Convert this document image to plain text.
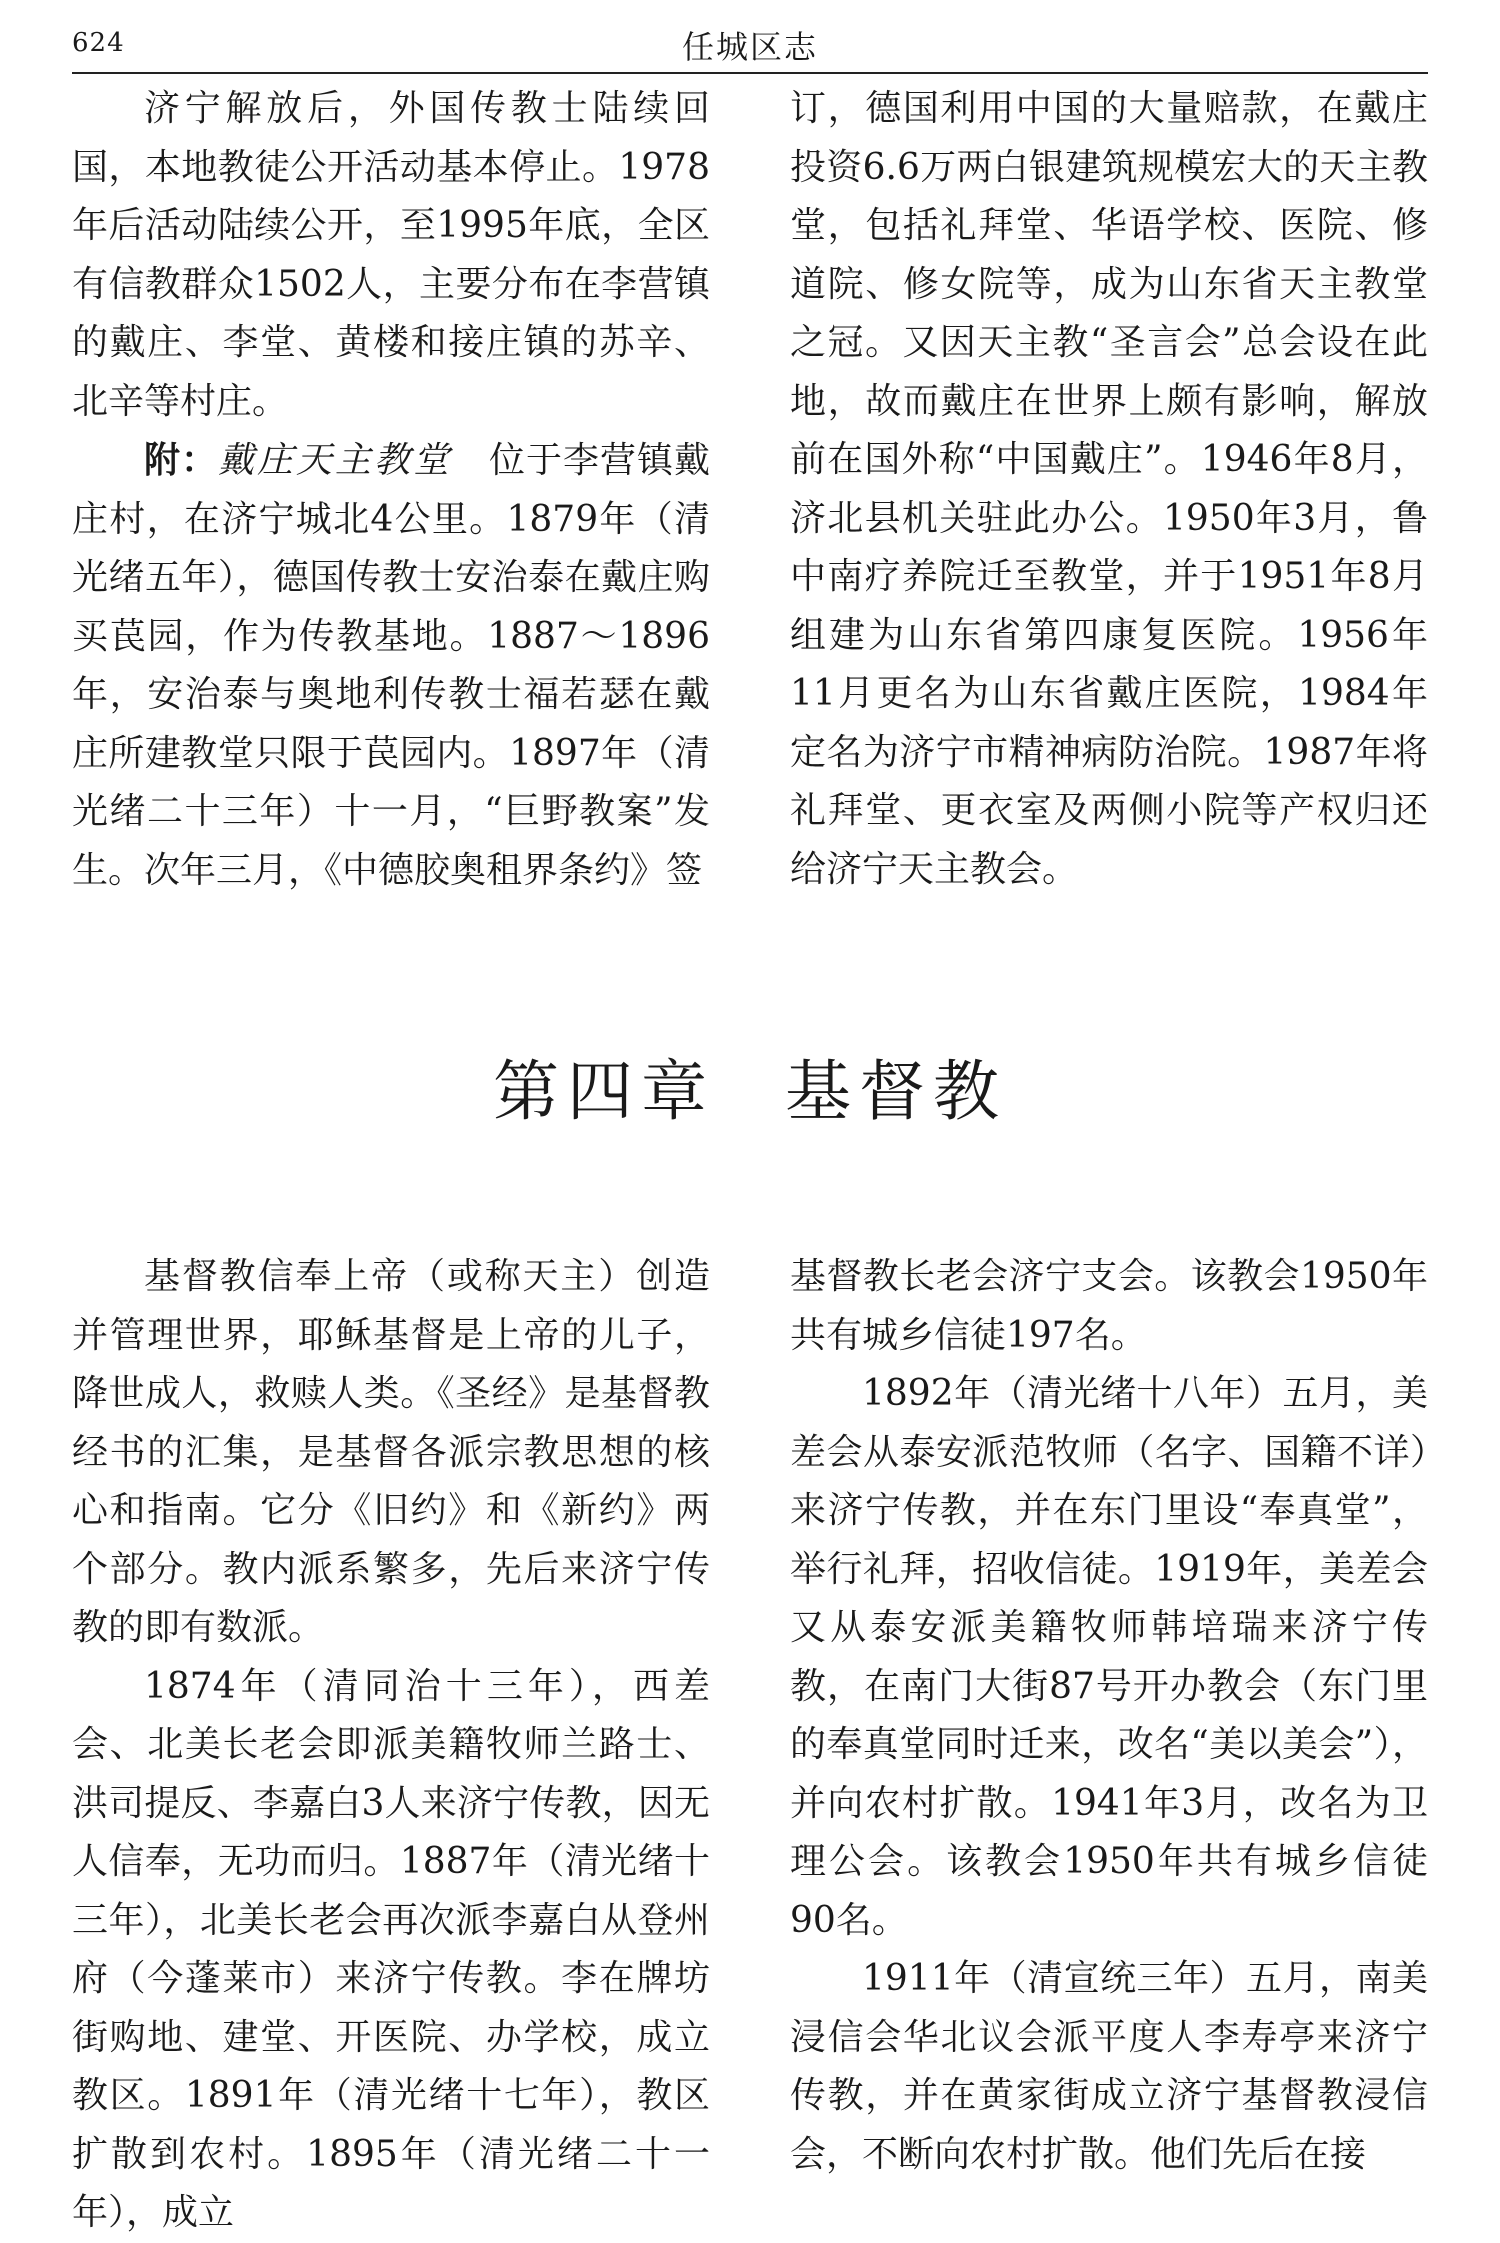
624	任城区志

济宁解放后，外国传教士陆续回国，本地教徒公开活动基本停止。1978年后活动陆续公开，至1995年底，全区有信教群众1502人，主要分布在李营镇的戴庄、李堂、黄楼和接庄镇的苏辛、北辛等村庄。

附：戴庄天主教堂　位于李营镇戴庄村，在济宁城北4公里。1879年（清光绪五年），德国传教士安治泰在戴庄购买苠园，作为传教基地。1887～1896年，安治泰与奥地利传教士福若瑟在戴庄所建教堂只限于苠园内。1897年（清光绪二十三年）十一月，“巨野教案”发生。次年三月，《中德胶奥租界条约》签

订，德国利用中国的大量赔款，在戴庄投资6.6万两白银建筑规模宏大的天主教堂，包括礼拜堂、华语学校、医院、修道院、修女院等，成为山东省天主教堂之冠。又因天主教“圣言会”总会设在此地，故而戴庄在世界上颇有影响，解放前在国外称“中国戴庄”。1946年8月，济北县机关驻此办公。1950年3月，鲁中南疗养院迁至教堂，并于1951年8月组建为山东省第四康复医院。1956年11月更名为山东省戴庄医院，1984年定名为济宁市精神病防治院。1987年将礼拜堂、更衣室及两侧小院等产权归还给济宁天主教会。

第四章 基督教

基督教信奉上帝（或称天主）创造并管理世界，耶稣基督是上帝的儿子，降世成人，救赎人类。《圣经》是基督教经书的汇集，是基督各派宗教思想的核心和指南。它分《旧约》和《新约》两个部分。教内派系繁多，先后来济宁传教的即有数派。

1874年（清同治十三年），西差会、北美长老会即派美籍牧师兰路士、洪司提反、李嘉白3人来济宁传教，因无人信奉，无功而归。1887年（清光绪十三年），北美长老会再次派李嘉白从登州府（今蓬莱市）来济宁传教。李在牌坊街购地、建堂、开医院、办学校，成立教区。1891年（清光绪十七年），教区扩散到农村。1895年（清光绪二十一年），成立

基督教长老会济宁支会。该教会1950年共有城乡信徒197名。

1892年（清光绪十八年）五月，美差会从泰安派范牧师（名字、国籍不详）来济宁传教，并在东门里设“奉真堂”，举行礼拜，招收信徒。1919年，美差会又从泰安派美籍牧师韩培瑞来济宁传教，在南门大街87号开办教会（东门里的奉真堂同时迁来，改名“美以美会”），并向农村扩散。1941年3月，改名为卫理公会。该教会1950年共有城乡信徒90名。

1911年（清宣统三年）五月，南美浸信会华北议会派平度人李寿亭来济宁传教，并在黄家街成立济宁基督教浸信会，不断向农村扩散。他们先后在接
